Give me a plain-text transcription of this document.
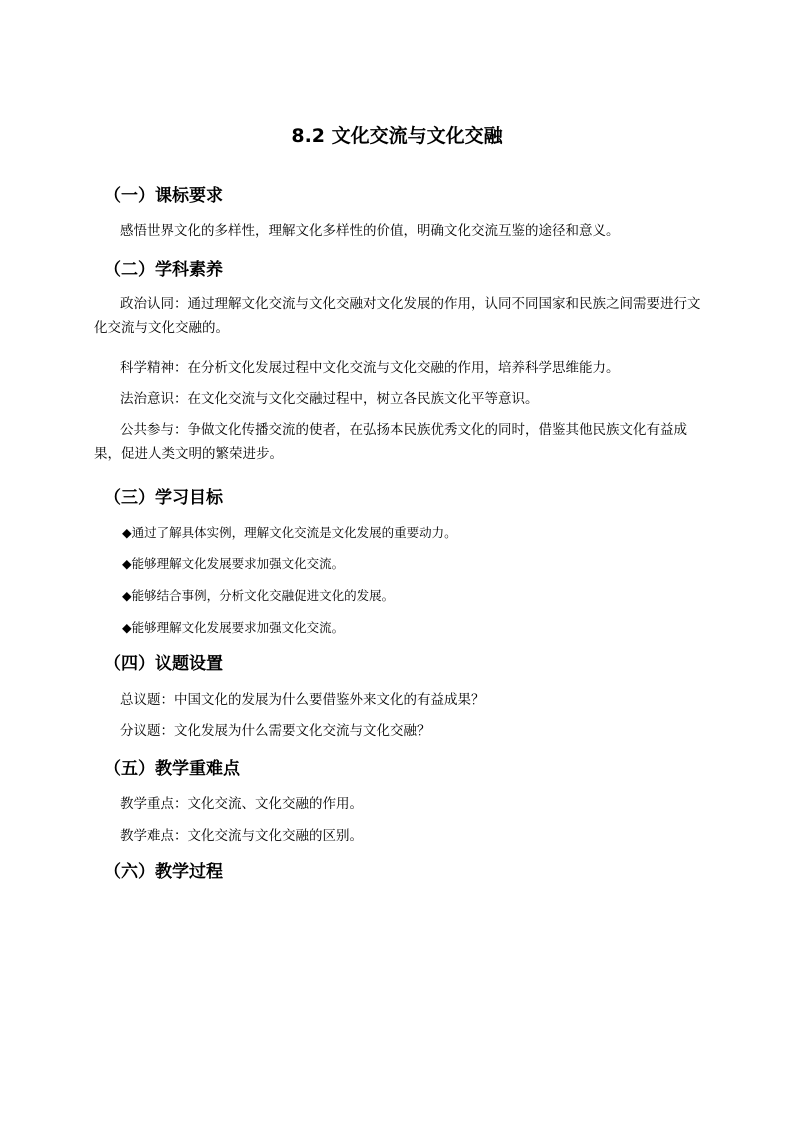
8.2 文化交流与文化交融
（一）课标要求
感悟世界文化的多样性，理解文化多样性的价值，明确文化交流互鉴的途径和意义。
（二）学科素养
政治认同：通过理解文化交流与文化交融对文化发展的作用，认同不同国家和民族之间需要进行文化交流与文化交融的。
科学精神：在分析文化发展过程中文化交流与文化交融的作用，培养科学思维能力。
法治意识：在文化交流与文化交融过程中，树立各民族文化平等意识。
公共参与：争做文化传播交流的使者，在弘扬本民族优秀文化的同时，借鉴其他民族文化有益成果，促进人类文明的繁荣进步。
（三）学习目标
◆通过了解具体实例，理解文化交流是文化发展的重要动力。
◆能够理解文化发展要求加强文化交流。
◆能够结合事例，分析文化交融促进文化的发展。
◆能够理解文化发展要求加强文化交流。
（四）议题设置
总议题：中国文化的发展为什么要借鉴外来文化的有益成果？
分议题：文化发展为什么需要文化交流与文化交融？
（五）教学重难点
教学重点：文化交流、文化交融的作用。
教学难点：文化交流与文化交融的区别。
（六）教学过程
